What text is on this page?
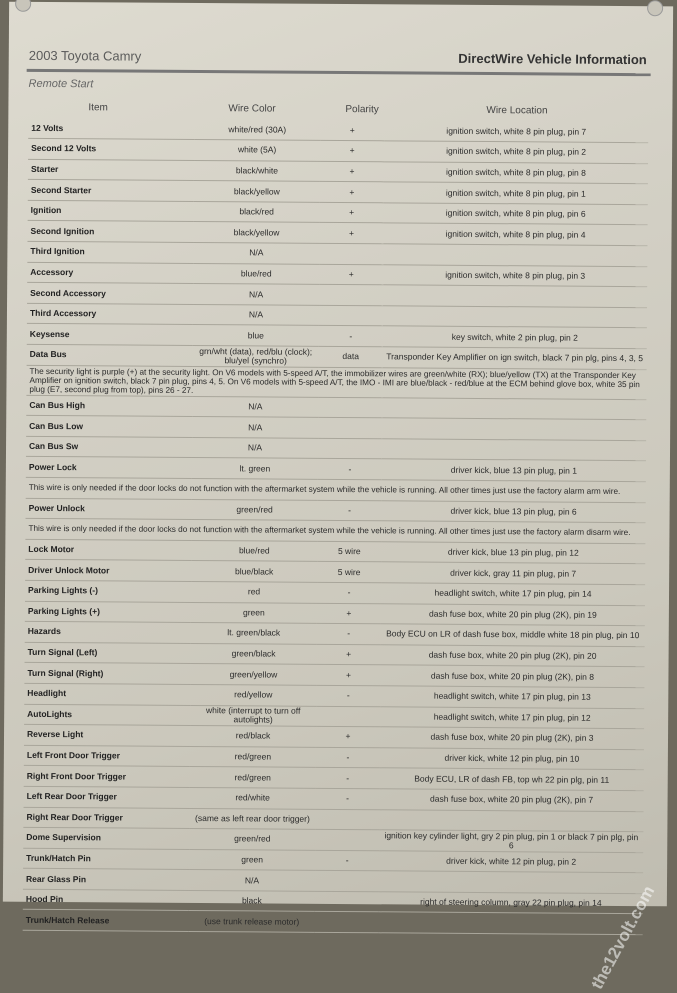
2003 Toyota Camry	DirectWire Vehicle Information
Remote Start
Item	Wire Color	Polarity	Wire Location
12 Volts	white/red (30A)	+	ignition switch, white 8 pin plug, pin 7
Second 12 Volts	white (5A)	+	ignition switch, white 8 pin plug, pin 2
Starter	black/white	+	ignition switch, white 8 pin plug, pin 8
Second Starter	black/yellow	+	ignition switch, white 8 pin plug, pin 1
Ignition	black/red	+	ignition switch, white 8 pin plug, pin 6
Second Ignition	black/yellow	+	ignition switch, white 8 pin plug, pin 4
Third Ignition	N/A		
Accessory	blue/red	+	ignition switch, white 8 pin plug, pin 3
Second Accessory	N/A		
Third Accessory	N/A		
Keysense	blue	-	key switch, white 2 pin plug, pin 2
Data Bus	grn/wht (data), red/blu (clock); blu/yel (synchro)	data	Transponder Key Amplifier on ign switch, black 7 pin plg, pins 4, 3, 5
The security light is purple (+) at the security light. On V6 models with 5-speed A/T, the immobilizer wires are green/white (RX); blue/yellow (TX) at the Transponder Key Amplifier on ignition switch, black 7 pin plug, pins 4, 5. On V6 models with 5-speed A/T, the IMO - IMI are blue/black - red/blue at the ECM behind glove box, white 35 pin plug (E7, second plug from top), pins 26 - 27.			
Can Bus High	N/A		
Can Bus Low	N/A		
Can Bus Sw	N/A		
Power Lock	lt. green	-	driver kick, blue 13 pin plug, pin 1
This wire is only needed if the door locks do not function with the aftermarket system while the vehicle is running. All other times just use the factory alarm arm wire.			
Power Unlock	green/red	-	driver kick, blue 13 pin plug, pin 6
This wire is only needed if the door locks do not function with the aftermarket system while the vehicle is running. All other times just use the factory alarm disarm wire.			
Lock Motor	blue/red	5 wire	driver kick, blue 13 pin plug, pin 12
Driver Unlock Motor	blue/black	5 wire	driver kick, gray 11 pin plug, pin 7
Parking Lights (-)	red	-	headlight switch, white 17 pin plug, pin 14
Parking Lights (+)	green	+	dash fuse box, white 20 pin plug (2K), pin 19
Hazards	lt. green/black	-	Body ECU on LR of dash fuse box, middle white 18 pin plug, pin 10
Turn Signal (Left)	green/black	+	dash fuse box, white 20 pin plug (2K), pin 20
Turn Signal (Right)	green/yellow	+	dash fuse box, white 20 pin plug (2K), pin 8
Headlight	red/yellow	-	headlight switch, white 17 pin plug, pin 13
AutoLights	white (interrupt to turn off autolights)		headlight switch, white 17 pin plug, pin 12
Reverse Light	red/black	+	dash fuse box, white 20 pin plug (2K), pin 3
Left Front Door Trigger	red/green	-	driver kick, white 12 pin plug, pin 10
Right Front Door Trigger	red/green	-	Body ECU, LR of dash FB, top wh 22 pin plg, pin 11
Left Rear Door Trigger	red/white	-	dash fuse box, white 20 pin plug (2K), pin 7
Right Rear Door Trigger	(same as left rear door trigger)		
Dome Supervision	green/red		ignition key cylinder light, gry 2 pin plug, pin 1 or black 7 pin plg, pin 6
Trunk/Hatch Pin	green	-	driver kick, white 12 pin plug, pin 2
Rear Glass Pin	N/A		
Hood Pin	black		right of steering column, gray 22 pin plug, pin 14
Trunk/Hatch Release	(use trunk release motor)			the12volt.com
